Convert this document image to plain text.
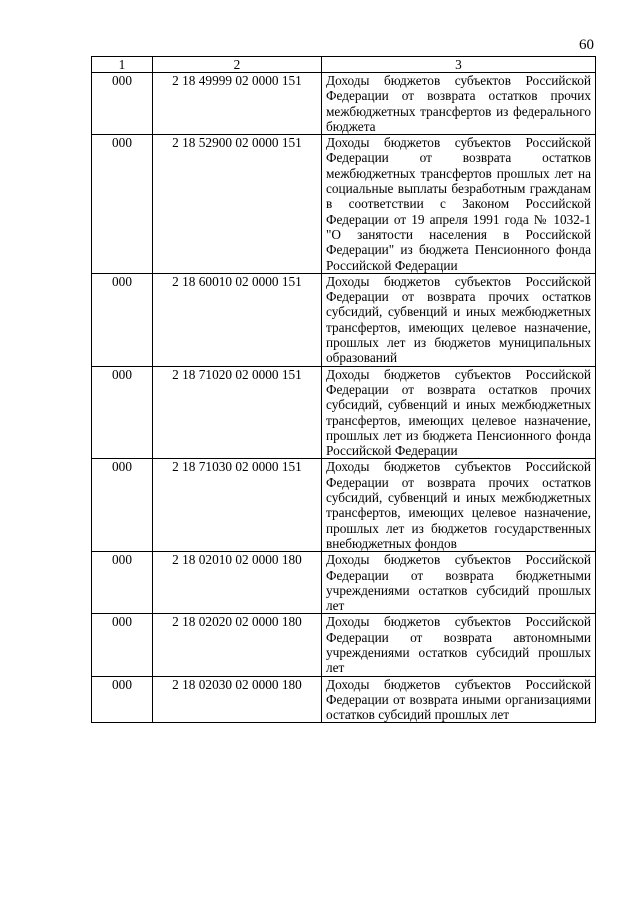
60
1	2	3
000	2 18 49999 02 0000 151	Доходы бюджетов субъектов Российской Федерации от возврата остатков прочих межбюджетных трансфертов из федерального бюджета
000	2 18 52900 02 0000 151	Доходы бюджетов субъектов Российской Федерации от возврата остатков межбюджетных трансфертов прошлых лет на социальные выплаты безработным гражданам в соответствии с Законом Российской Федерации от 19 апреля 1991 года № 1032-1 "О занятости населения в Российской Федерации" из бюджета Пенсионного фонда Российской Федерации
000	2 18 60010 02 0000 151	Доходы бюджетов субъектов Российской Федерации от возврата прочих остатков субсидий, субвенций и иных межбюджетных трансфертов, имеющих целевое назначение, прошлых лет из бюджетов муниципальных образований
000	2 18 71020 02 0000 151	Доходы бюджетов субъектов Российской Федерации от возврата остатков прочих субсидий, субвенций и иных межбюджетных трансфертов, имеющих целевое назначение, прошлых лет из бюджета Пенсионного фонда Российской Федерации
000	2 18 71030 02 0000 151	Доходы бюджетов субъектов Российской Федерации от возврата прочих остатков субсидий, субвенций и иных межбюджетных трансфертов, имеющих целевое назначение, прошлых лет из бюджетов государственных внебюджетных фондов
000	2 18 02010 02 0000 180	Доходы бюджетов субъектов Российской Федерации от возврата бюджетными учреждениями остатков субсидий прошлых лет
000	2 18 02020 02 0000 180	Доходы бюджетов субъектов Российской Федерации от возврата автономными учреждениями остатков субсидий прошлых лет
000	2 18 02030 02 0000 180	Доходы бюджетов субъектов Российской Федерации от возврата иными организациями остатков субсидий прошлых лет
